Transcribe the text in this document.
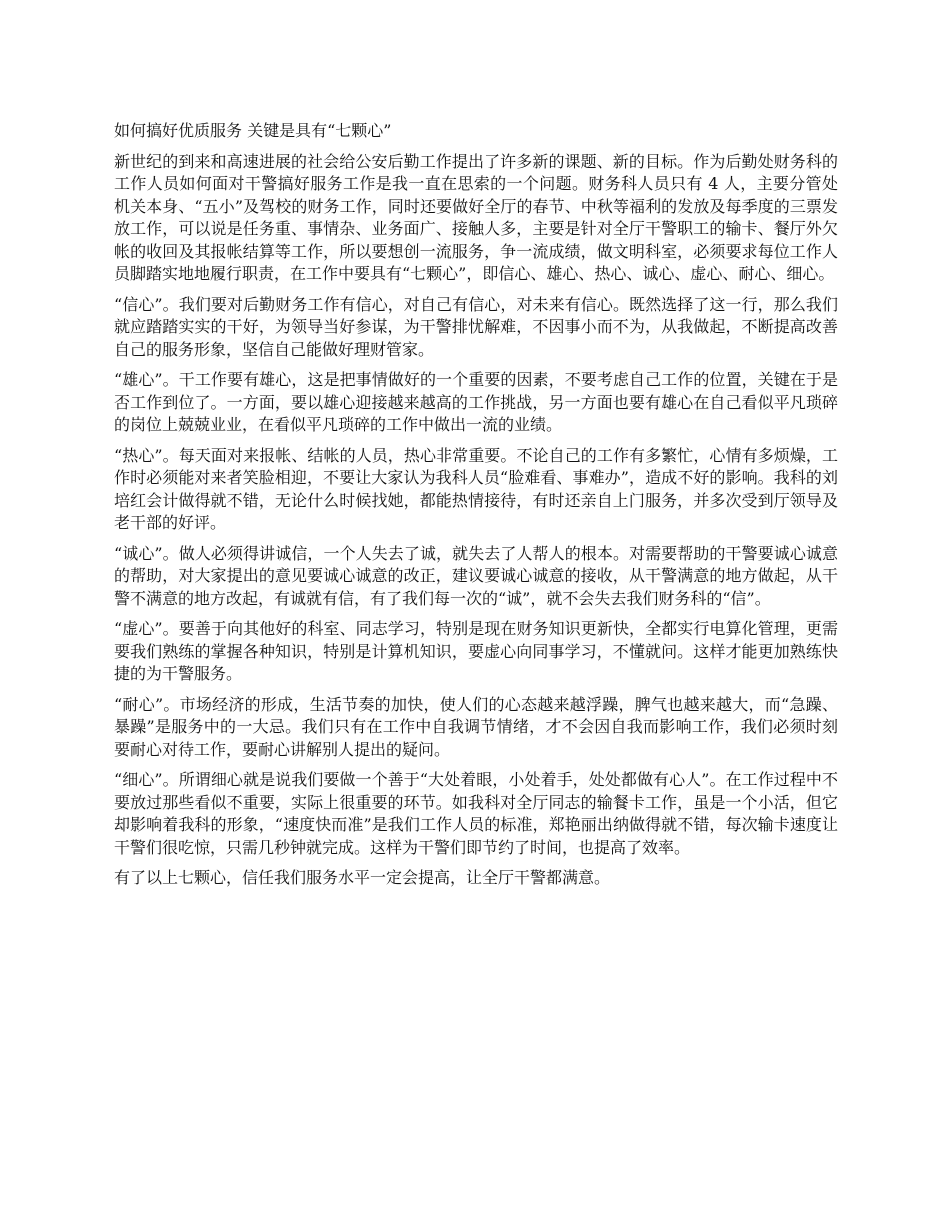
如何搞好优质服务 关键是具有“七颗心”

新世纪的到来和高速进展的社会给公安后勤工作提出了许多新的课题、新的目标。作为后勤处财务科的工作人员如何面对干警搞好服务工作是我一直在思索的一个问题。财务科人员只有 4 人，主要分管处机关本身、“五小”及驾校的财务工作，同时还要做好全厅的春节、中秋等福利的发放及每季度的三票发放工作，可以说是任务重、事情杂、业务面广、接触人多，主要是针对全厅干警职工的输卡、餐厅外欠帐的收回及其报帐结算等工作，所以要想创一流服务，争一流成绩，做文明科室，必须要求每位工作人员脚踏实地地履行职责，在工作中要具有“七颗心”，即信心、雄心、热心、诚心、虚心、耐心、细心。

“信心”。我们要对后勤财务工作有信心，对自己有信心，对未来有信心。既然选择了这一行，那么我们就应踏踏实实的干好，为领导当好参谋，为干警排忧解难，不因事小而不为，从我做起，不断提高改善自己的服务形象，坚信自己能做好理财管家。

“雄心”。干工作要有雄心，这是把事情做好的一个重要的因素，不要考虑自己工作的位置，关键在于是否工作到位了。一方面，要以雄心迎接越来越高的工作挑战，另一方面也要有雄心在自己看似平凡琐碎的岗位上兢兢业业，在看似平凡琐碎的工作中做出一流的业绩。

“热心”。每天面对来报帐、结帐的人员，热心非常重要。不论自己的工作有多繁忙，心情有多烦燥，工作时必须能对来者笑脸相迎，不要让大家认为我科人员“脸难看、事难办”，造成不好的影响。我科的刘培红会计做得就不错，无论什么时候找她，都能热情接待，有时还亲自上门服务，并多次受到厅领导及老干部的好评。

“诚心”。做人必须得讲诚信，一个人失去了诚，就失去了人帮人的根本。对需要帮助的干警要诚心诚意的帮助，对大家提出的意见要诚心诚意的改正，建议要诚心诚意的接收，从干警满意的地方做起，从干警不满意的地方改起，有诚就有信，有了我们每一次的“诚”，就不会失去我们财务科的“信”。

“虚心”。要善于向其他好的科室、同志学习，特别是现在财务知识更新快，全都实行电算化管理，更需要我们熟练的掌握各种知识，特别是计算机知识，要虚心向同事学习，不懂就问。这样才能更加熟练快捷的为干警服务。

“耐心”。市场经济的形成，生活节奏的加快，使人们的心态越来越浮躁，脾气也越来越大，而“急躁、暴躁”是服务中的一大忌。我们只有在工作中自我调节情绪，才不会因自我而影响工作，我们必须时刻要耐心对待工作，要耐心讲解别人提出的疑问。

“细心”。所谓细心就是说我们要做一个善于“大处着眼，小处着手，处处都做有心人”。在工作过程中不要放过那些看似不重要，实际上很重要的环节。如我科对全厅同志的输餐卡工作，虽是一个小活，但它却影响着我科的形象，“速度快而准”是我们工作人员的标准，郑艳丽出纳做得就不错，每次输卡速度让干警们很吃惊，只需几秒钟就完成。这样为干警们即节约了时间，也提高了效率。

有了以上七颗心，信任我们服务水平一定会提高，让全厅干警都满意。
